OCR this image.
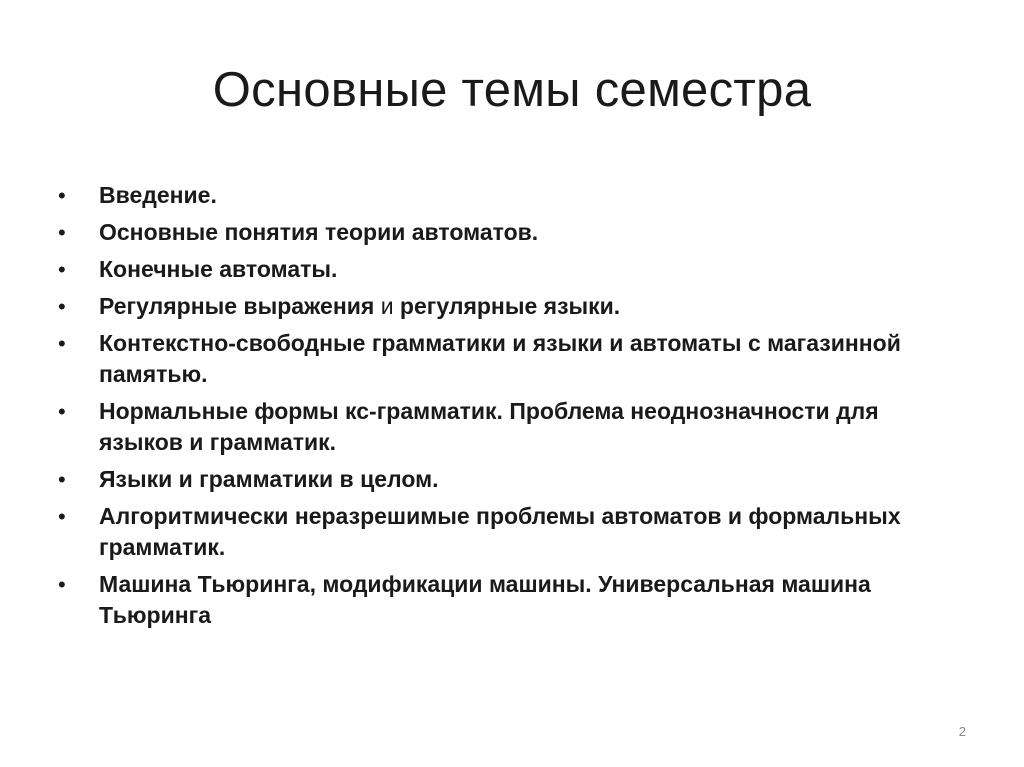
Основные темы семестра
• Введение.
• Основные понятия теории автоматов.
• Конечные автоматы.
• Регулярные выражения и регулярные языки.
• Контекстно-свободные грамматики и языки и автоматы с магазинной памятью.
• Нормальные формы кс-грамматик. Проблема неоднозначности для языков и грамматик.
• Языки и грамматики в целом.
• Алгоритмически неразрешимые проблемы автоматов и формальных грамматик.
• Машина Тьюринга, модификации машины. Универсальная машина Тьюринга
2
